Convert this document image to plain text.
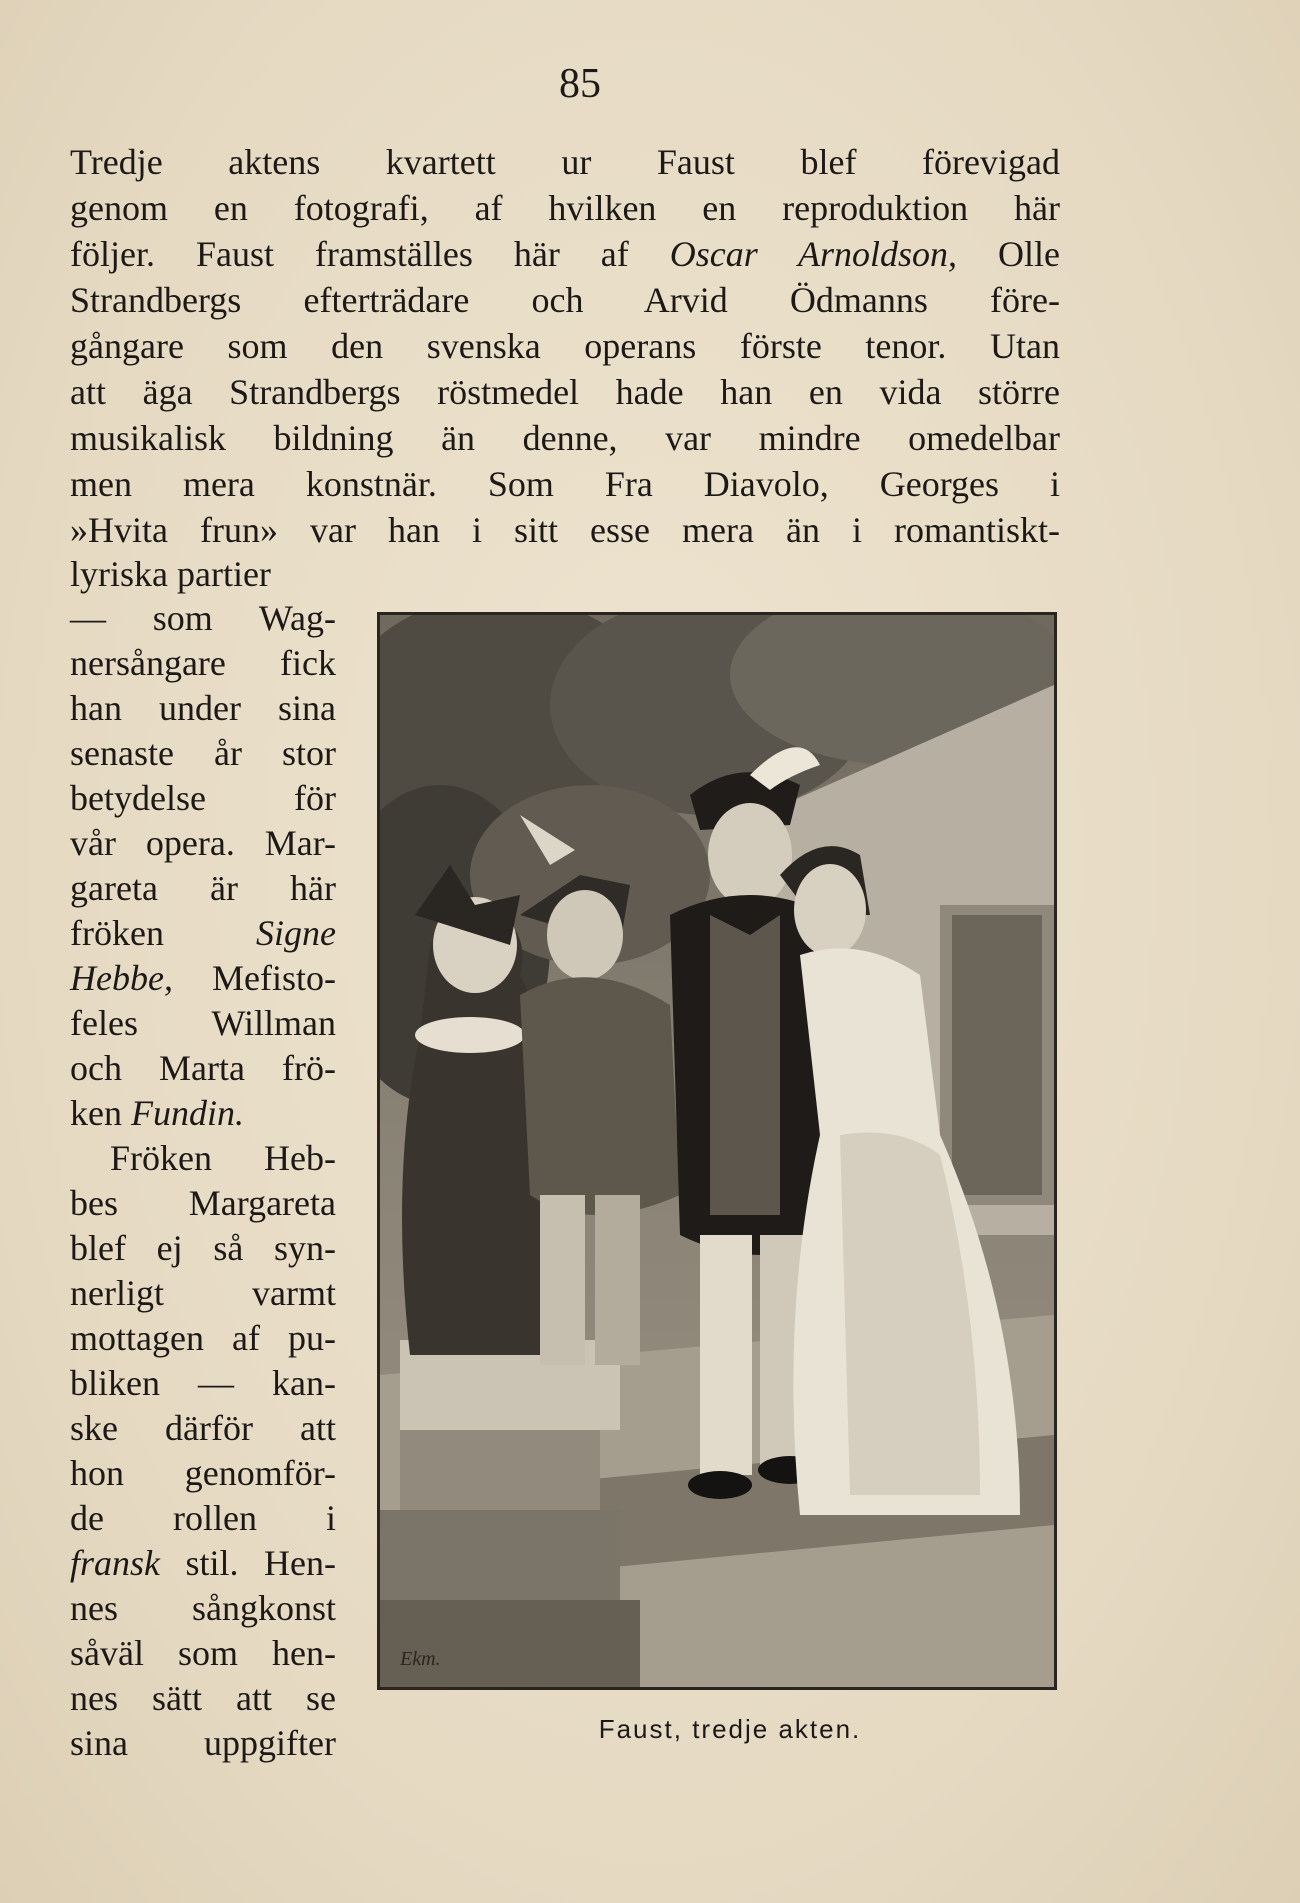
85
Tredje aktens kvartett ur Faust blef förevigad
genom en fotografi, af hvilken en reproduktion här
följer. Faust framställes här af Oscar Arnoldson, Olle
Strandbergs efterträdare och Arvid Ödmanns före-
gångare som den svenska operans förste tenor. Utan
att äga Strandbergs röstmedel hade han en vida större
musikalisk bildning än denne, var mindre omedelbar
men mera konstnär. Som Fra Diavolo, Georges i
»Hvita frun» var han i sitt esse mera än i romantiskt-
lyriska partier
— som Wag-
nersångare fick
han under sina
senaste år stor
betydelse för
vår opera. Mar-
gareta är här
fröken Signe
Hebbe, Mefisto-
feles Willman
och Marta frö-
ken Fundin.
Fröken Heb-
bes Margareta
blef ej så syn-
nerligt varmt
mottagen af pu-
bliken — kan-
ske därför att
hon genomför-
de rollen i
fransk stil. Hen-
nes sångkonst
såväl som hen-
nes sätt att se
sina uppgifter
Ekm.
Faust, tredje akten.
